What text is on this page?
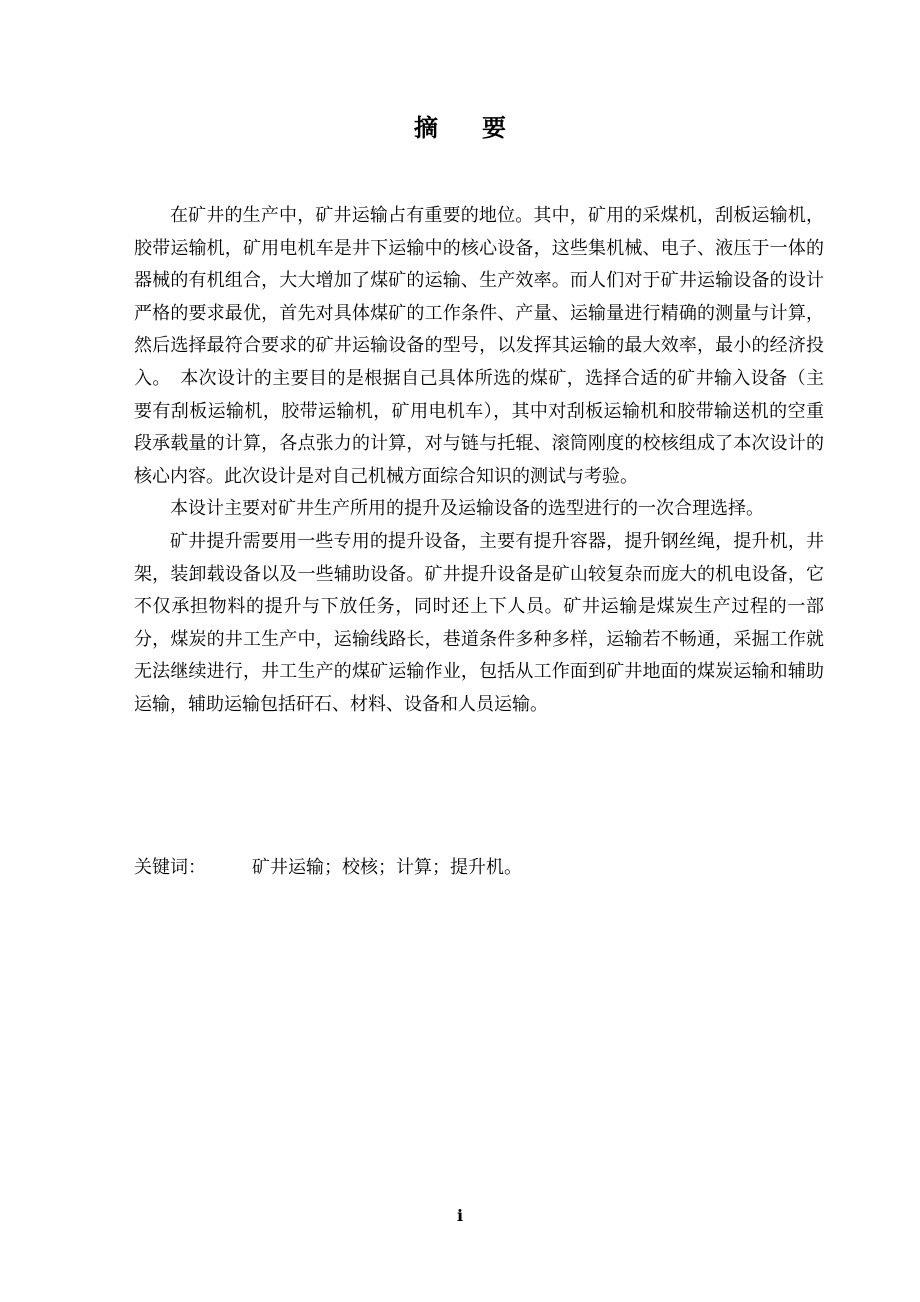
摘 要

在矿井的生产中，矿井运输占有重要的地位。其中，矿用的采煤机，刮板运输机，胶带运输机，矿用电机车是井下运输中的核心设备，这些集机械、电子、液压于一体的器械的有机组合，大大增加了煤矿的运输、生产效率。而人们对于矿井运输设备的设计严格的要求最优，首先对具体煤矿的工作条件、产量、运输量进行精确的测量与计算，然后选择最符合要求的矿井运输设备的型号，以发挥其运输的最大效率，最小的经济投入。　本次设计的主要目的是根据自己具体所选的煤矿，选择合适的矿井输入设备（主要有刮板运输机，胶带运输机，矿用电机车），其中对刮板运输机和胶带输送机的空重段承载量的计算，各点张力的计算，对与链与托辊、滚筒刚度的校核组成了本次设计的核心内容。此次设计是对自己机械方面综合知识的测试与考验。

本设计主要对矿井生产所用的提升及运输设备的选型进行的一次合理选择。

矿井提升需要用一些专用的提升设备，主要有提升容器，提升钢丝绳，提升机，井架，装卸载设备以及一些辅助设备。矿井提升设备是矿山较复杂而庞大的机电设备，它不仅承担物料的提升与下放任务，同时还上下人员。矿井运输是煤炭生产过程的一部分，煤炭的井工生产中，运输线路长，巷道条件多种多样，运输若不畅通，采掘工作就无法继续进行，井工生产的煤矿运输作业，包括从工作面到矿井地面的煤炭运输和辅助运输，辅助运输包括矸石、材料、设备和人员运输。

关键词：	矿井运输；校核；计算；提升机。
i
